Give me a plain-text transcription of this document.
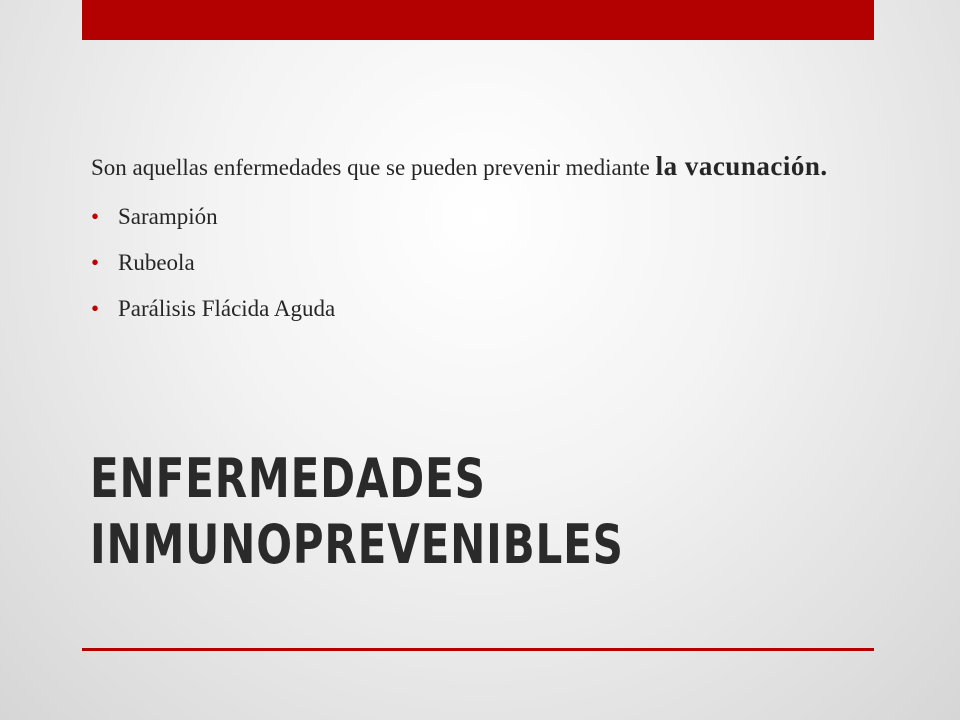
Son aquellas enfermedades que se pueden prevenir mediante la vacunación.

• Sarampión
• Rubeola
• Parálisis Flácida Aguda
ENFERMEDADES
INMUNOPREVENIBLES
